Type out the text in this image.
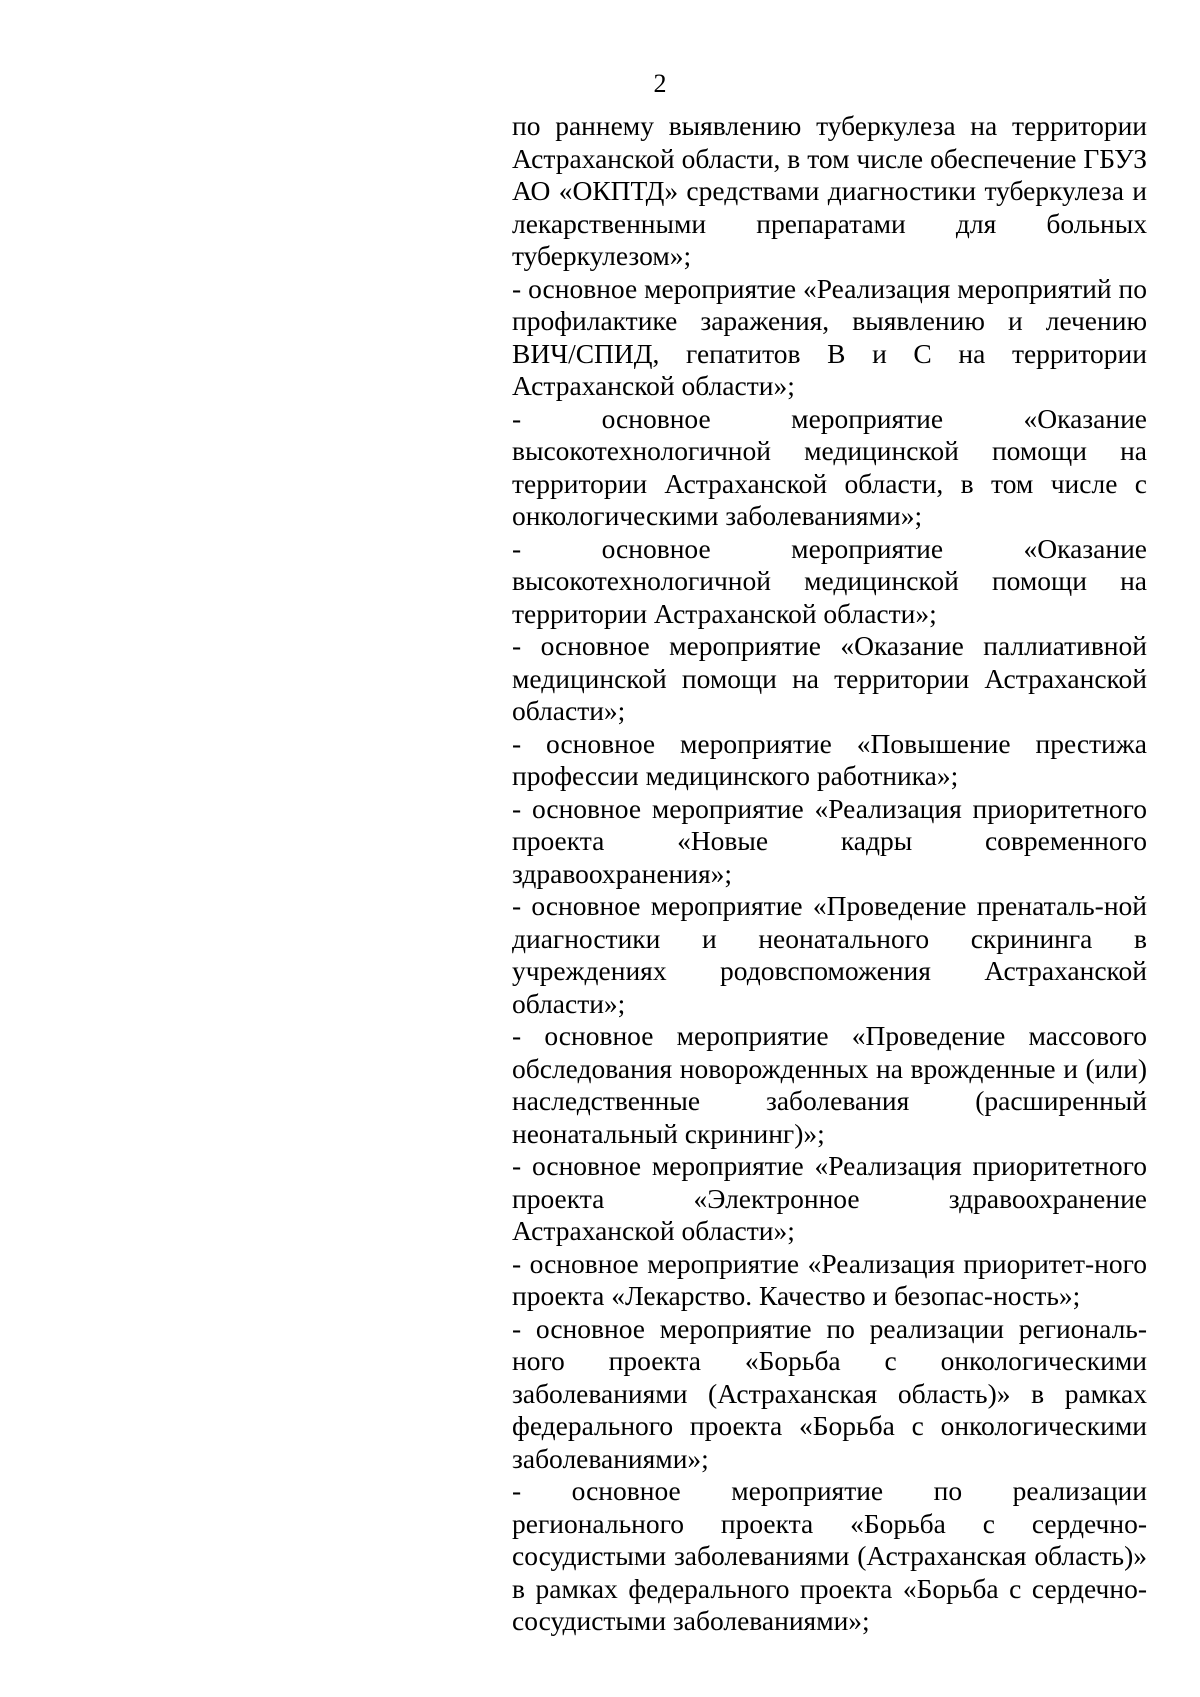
2

по раннему выявлению туберкулеза на территории Астраханской области, в том числе обеспечение ГБУЗ АО «ОКПТД» средствами диагностики туберкулеза и лекарственными препаратами для больных туберкулезом»;

- основное мероприятие «Реализация мероприятий по профилактике заражения, выявлению и лечению ВИЧ/СПИД, гепатитов В и С на территории Астраханской области»;

- основное мероприятие «Оказание высокотехнологичной медицинской помощи на территории Астраханской области, в том числе с онкологическими заболеваниями»;

- основное мероприятие «Оказание высокотехнологичной медицинской помощи на территории Астраханской области»;

- основное мероприятие «Оказание паллиативной медицинской помощи на территории Астраханской области»;

- основное мероприятие «Повышение престижа профессии медицинского работника»;

- основное мероприятие «Реализация приоритетного проекта «Новые кадры современного здравоохранения»;

- основное мероприятие «Проведение пренаталь-ной диагностики и неонатального скрининга в учреждениях родовспоможения Астраханской области»;

- основное мероприятие «Проведение массового обследования новорожденных на врожденные и (или) наследственные заболевания (расширенный неонатальный скрининг)»;

- основное мероприятие «Реализация приоритетного проекта «Электронное здравоохранение Астраханской области»;

- основное мероприятие «Реализация приоритет-ного проекта «Лекарство. Качество и безопас-ность»;

- основное мероприятие по реализации региональ-ного проекта «Борьба с онкологическими заболеваниями (Астраханская область)» в рамках федерального проекта «Борьба с онкологическими заболеваниями»;

- основное мероприятие по реализации регионального проекта «Борьба с сердечно-сосудистыми заболеваниями (Астраханская область)» в рамках федерального проекта «Борьба с сердечно-сосудистыми заболеваниями»;
